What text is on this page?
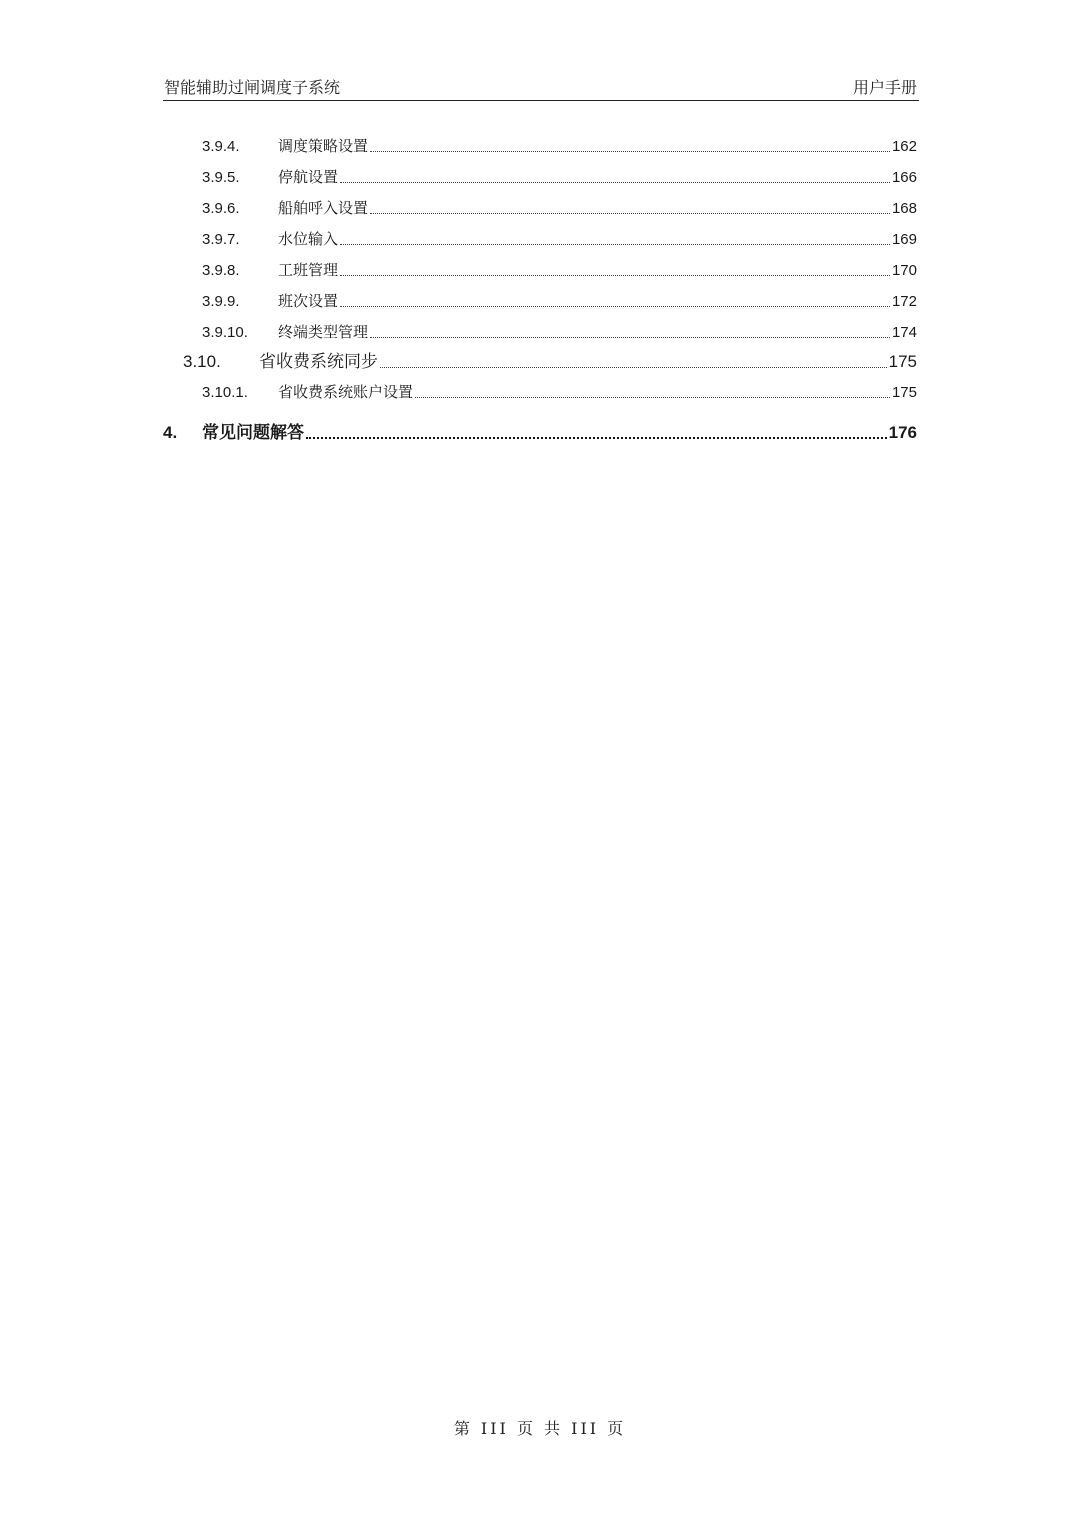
智能辅助过闸调度子系统	用户手册
3.9.4.	调度策略设置	162
3.9.5.	停航设置	166
3.9.6.	船舶呼入设置	168
3.9.7.	水位输入	169
3.9.8.	工班管理	170
3.9.9.	班次设置	172
3.9.10.	终端类型管理	174
3.10.	省收费系统同步	175
3.10.1.	省收费系统账户设置	175
4.	常见问题解答	176
第 III 页 共 III 页
